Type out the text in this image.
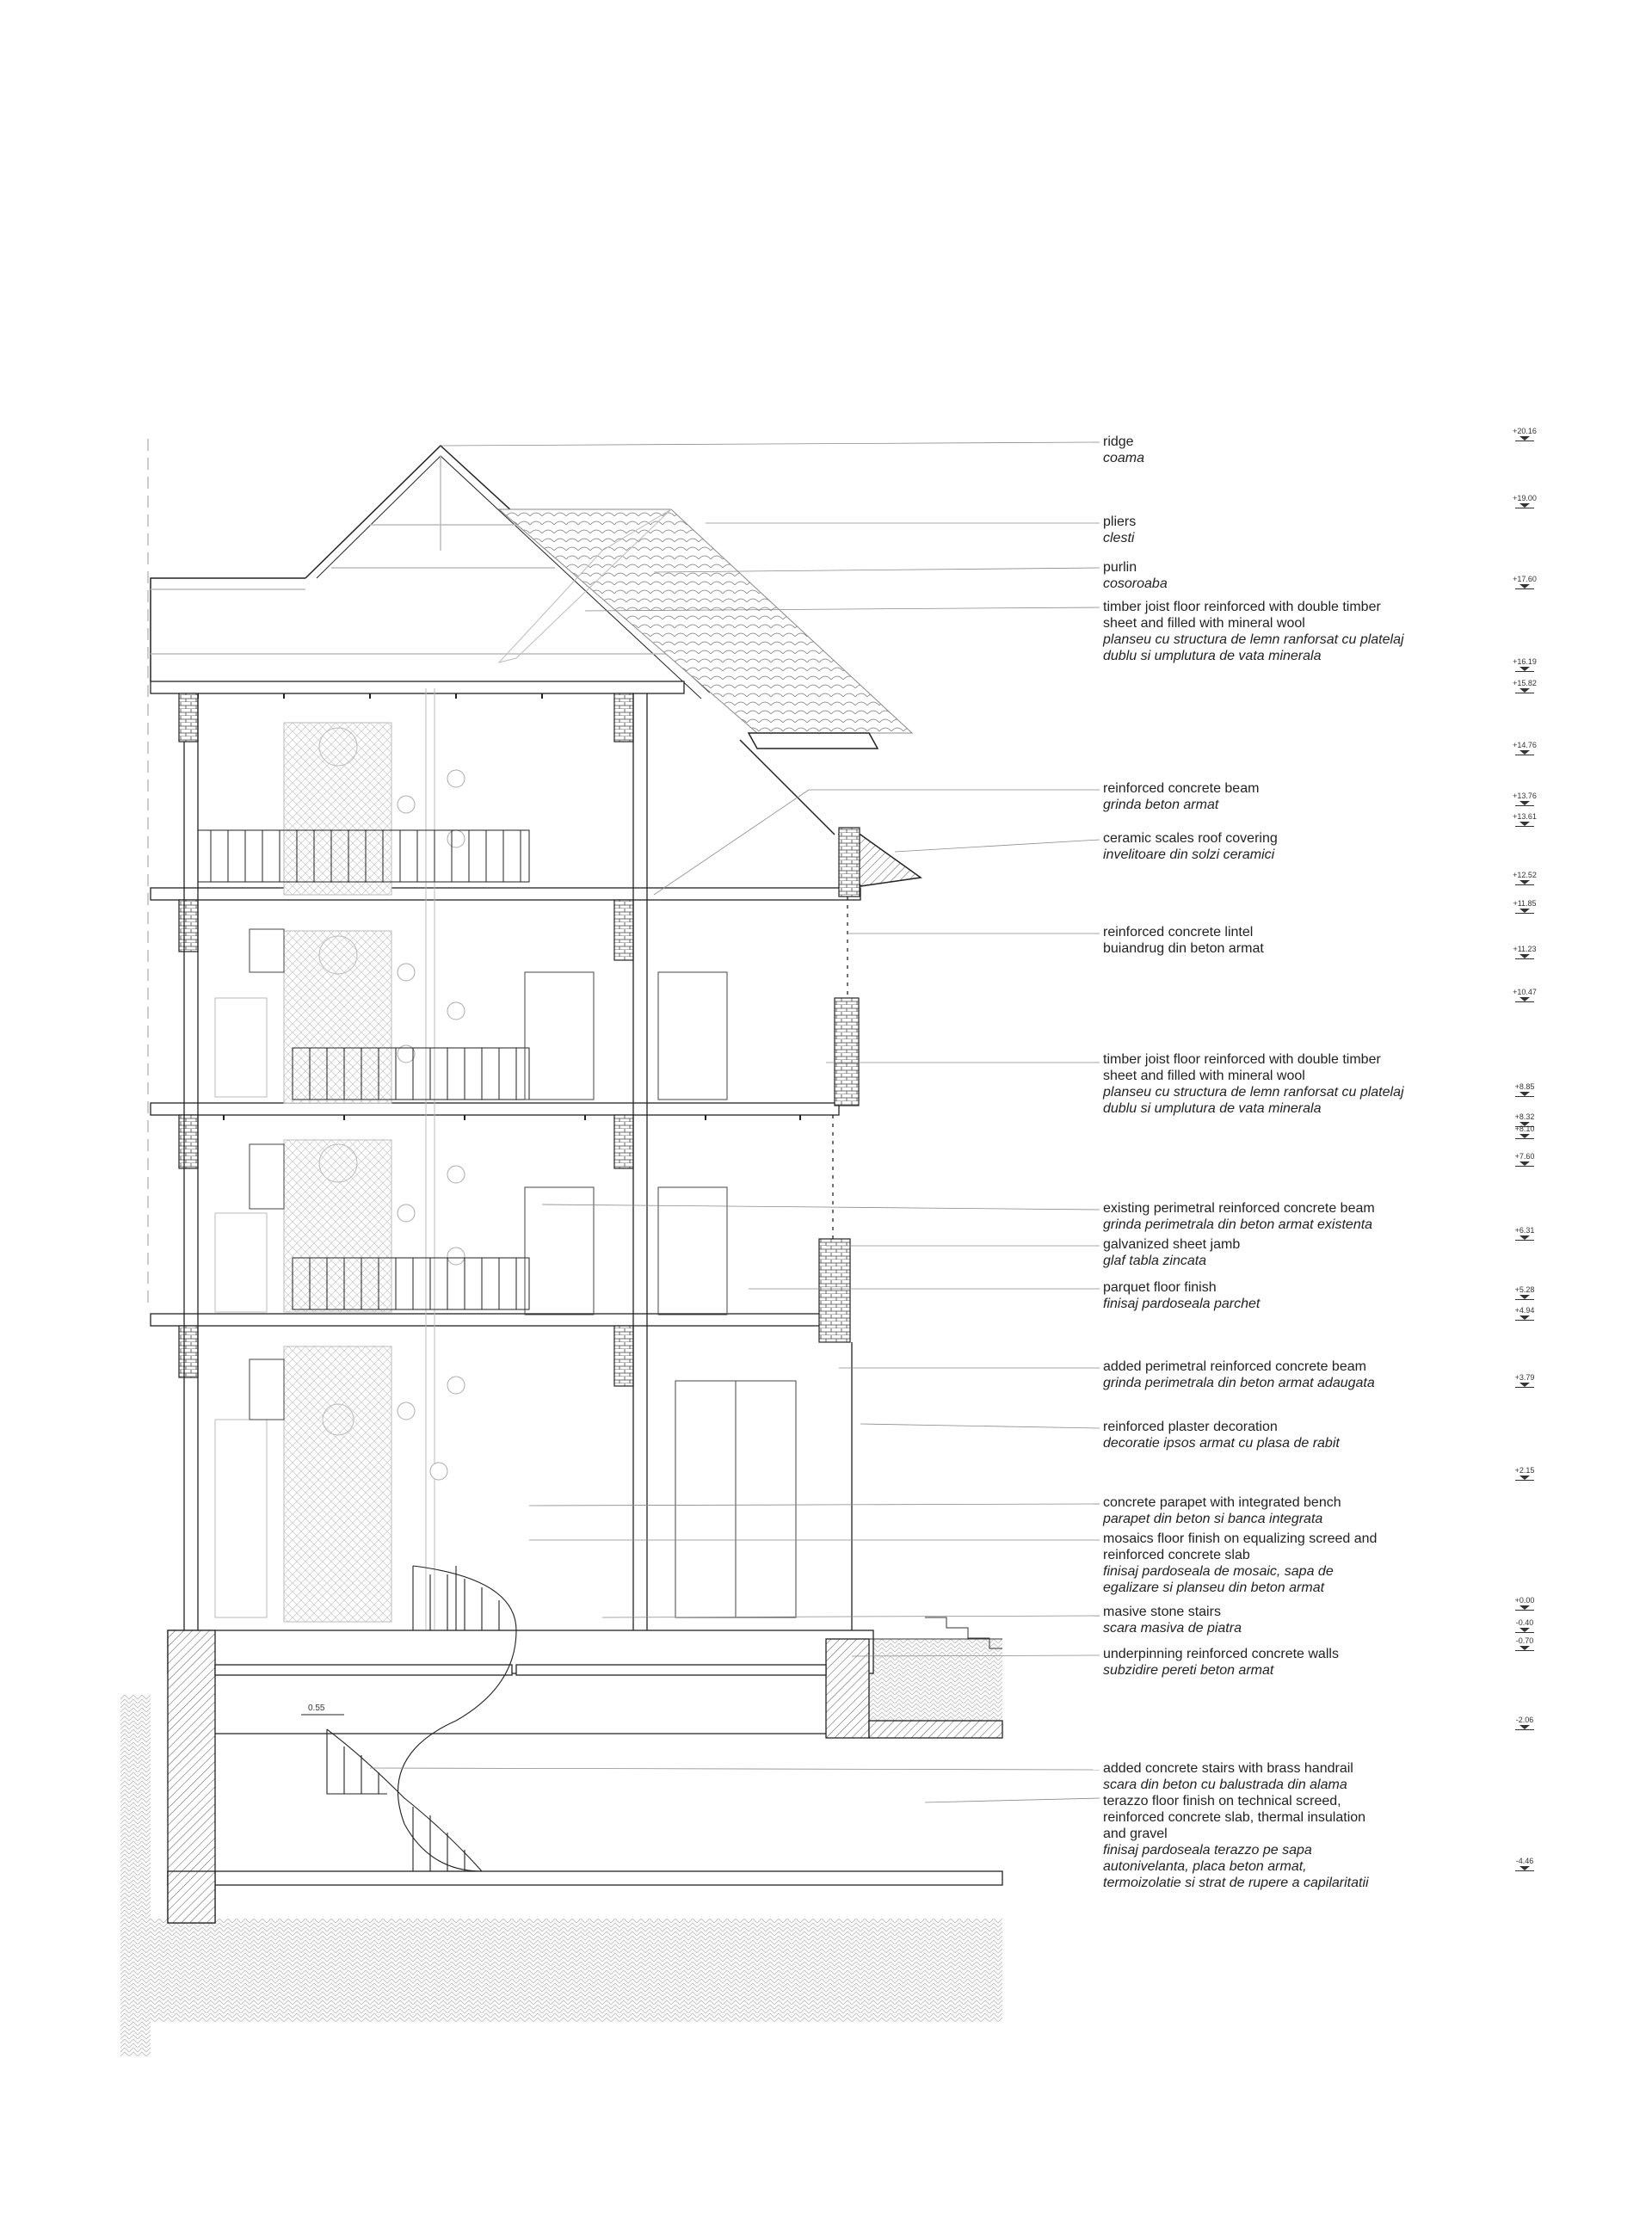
ridge
coama
pliers
clesti
purlin
cosoroaba
timber joist floor reinforced with double timber sheet and filled with mineral wool
planseu cu structura de lemn ranforsat cu platelaj dublu si umplutura de vata minerala
reinforced concrete beam
grinda beton armat
ceramic scales roof covering
invelitoare din solzi ceramici
reinforced concrete lintel
buiandrug din beton armat
timber joist floor reinforced with double timber sheet and filled with mineral wool
planseu cu structura de lemn ranforsat cu platelaj dublu si umplutura de vata minerala
existing perimetral reinforced concrete beam
grinda perimetrala din beton armat existenta
galvanized sheet jamb
glaf tabla zincata
parquet floor finish
finisaj pardoseala parchet
added perimetral reinforced concrete beam
grinda perimetrala din beton armat adaugata
reinforced plaster decoration
decoratie ipsos armat cu plasa de rabit
concrete parapet with integrated bench
parapet din beton si banca integrata
mosaics floor finish on equalizing screed and reinforced concrete slab
finisaj pardoseala de mosaic, sapa de egalizare si planseu din beton armat
masive stone stairs
scara masiva de piatra
underpinning reinforced concrete walls
subzidire pereti beton armat
added concrete stairs with brass handrail
scara din beton cu balustrada din alama
terazzo floor finish on technical screed, reinforced concrete slab, thermal insulation and gravel
finisaj pardoseala terazzo pe sapa autonivelanta, placa beton armat, termoizolatie si strat de rupere a capilaritatii
+20.16
+19.00
+17.60
+16.19
+15.82
+14.76
+13.76
+13.61
+12.52
+11.85
+11.23
+10.47
+8.85
+8.32
+8.10
+7.60
+6.31
+5.28
+4.94
+3.79
+2.15
+0.00
-0.40
-0.70
-2.06
-4.46
0.55
